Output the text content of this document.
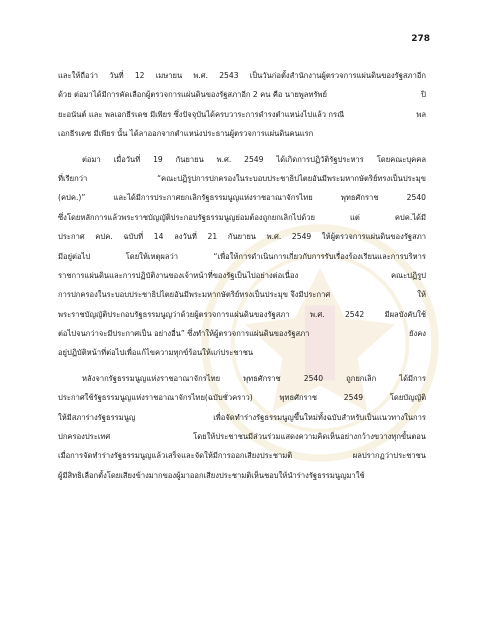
278
และให้ถือว่า วันที่ 12 เมษายน พ.ศ. 2543 เป็นวันก่อตั้งสำนักงานผู้ตรวจการแผ่นดินของรัฐสภาอีก
ด้วย ต่อมาได้มีการคัดเลือกผู้ตรวจการแผ่นดินของรัฐสภาอีก 2 คน คือ นายพูลทรัพย์	ปิ
ยะอนันต์ และ พลเอกธีรเดช มีเพียร ซึ่งปัจจุบันได้ครบวาระการดำรงตำแหน่งไปแล้ว กรณี	พล
เอกธีรเดช มีเพียร นั้น ได้ลาออกจากตำแหน่งประธานผู้ตรวจการแผ่นดินคนแรก
ต่อมา เมื่อวันที่ 19 กันยายน พ.ศ. 2549 ได้เกิดการปฏิวัติรัฐประหาร โดยคณะบุคคล
ที่เรียกว่า “คณะปฏิรูปการปกครองในระบอบประชาธิปไตยอันมีพระมหากษัตริย์ทรงเป็นประมุข
(คปค.)” และได้มีการประกาศยกเลิกรัฐธรรมนูญแห่งราชอาณาจักรไทย พุทธศักราช 2540
ซึ่งโดยหลักการแล้วพระราชบัญญัติประกอบรัฐธรรมนูญย่อมต้องถูกยกเลิกไปด้วย แต่ คปค.ได้มี
ประกาศ คปค. ฉบับที่ 14 ลงวันที่ 21 กันยายน พ.ศ. 2549 ให้ผู้ตรวจการแผ่นดินของรัฐสภา
มีอยู่ต่อไป โดยให้เหตุผลว่า “เพื่อให้การดำเนินการเกี่ยวกับการรับเรื่องร้องเรียนและการบริหาร
ราชการแผ่นดินและการปฏิบัติงานของเจ้าหน้าที่ของรัฐเป็นไปอย่างต่อเนื่อง คณะปฏิรูป
การปกครองในระบอบประชาธิปไตยอันมีพระมหากษัตริย์ทรงเป็นประมุข จึงมีประกาศ	ให้
พระราชบัญญัติประกอบรัฐธรรมนูญว่าด้วยผู้ตรวจการแผ่นดินของรัฐสภา พ.ศ. 2542 มีผลบังคับใช้
ต่อไปจนกว่าจะมีประกาศเป็น อย่างอื่น” ซึ่งทำให้ผู้ตรวจการแผ่นดินของรัฐสภา	ยังคง
อยู่ปฏิบัติหน้าที่ต่อไปเพื่อแก้ไขความทุกข์ร้อนให้แก่ประชาชน
หลังจากรัฐธรรมนูญแห่งราชอาณาจักรไทย พุทธศักราช 2540 ถูกยกเลิก ได้มีการ
ประกาศใช้รัฐธรรมนูญแห่งราชอาณาจักรไทย(ฉบับชั่วคราว) พุทธศักราช 2549 โดยบัญญัติ
ให้มีสภาร่างรัฐธรรมนูญ เพื่อจัดทำร่างรัฐธรรมนูญขึ้นใหม่ทั้งฉบับสำหรับเป็นแนวทางในการ
ปกครองประเทศ โดยให้ประชาชนมีส่วนร่วมแสดงความคิดเห็นอย่างกว้างขวางทุกขั้นตอน
เมื่อการจัดทำร่างรัฐธรรมนูญแล้วเสร็จและจัดให้มีการออกเสียงประชามติ ผลปรากฏว่าประชาชน
ผู้มีสิทธิเลือกตั้งโดยเสียงข้างมากของผู้มาออกเสียงประชามติเห็นชอบให้นำร่างรัฐธรรมนูญมาใช้
